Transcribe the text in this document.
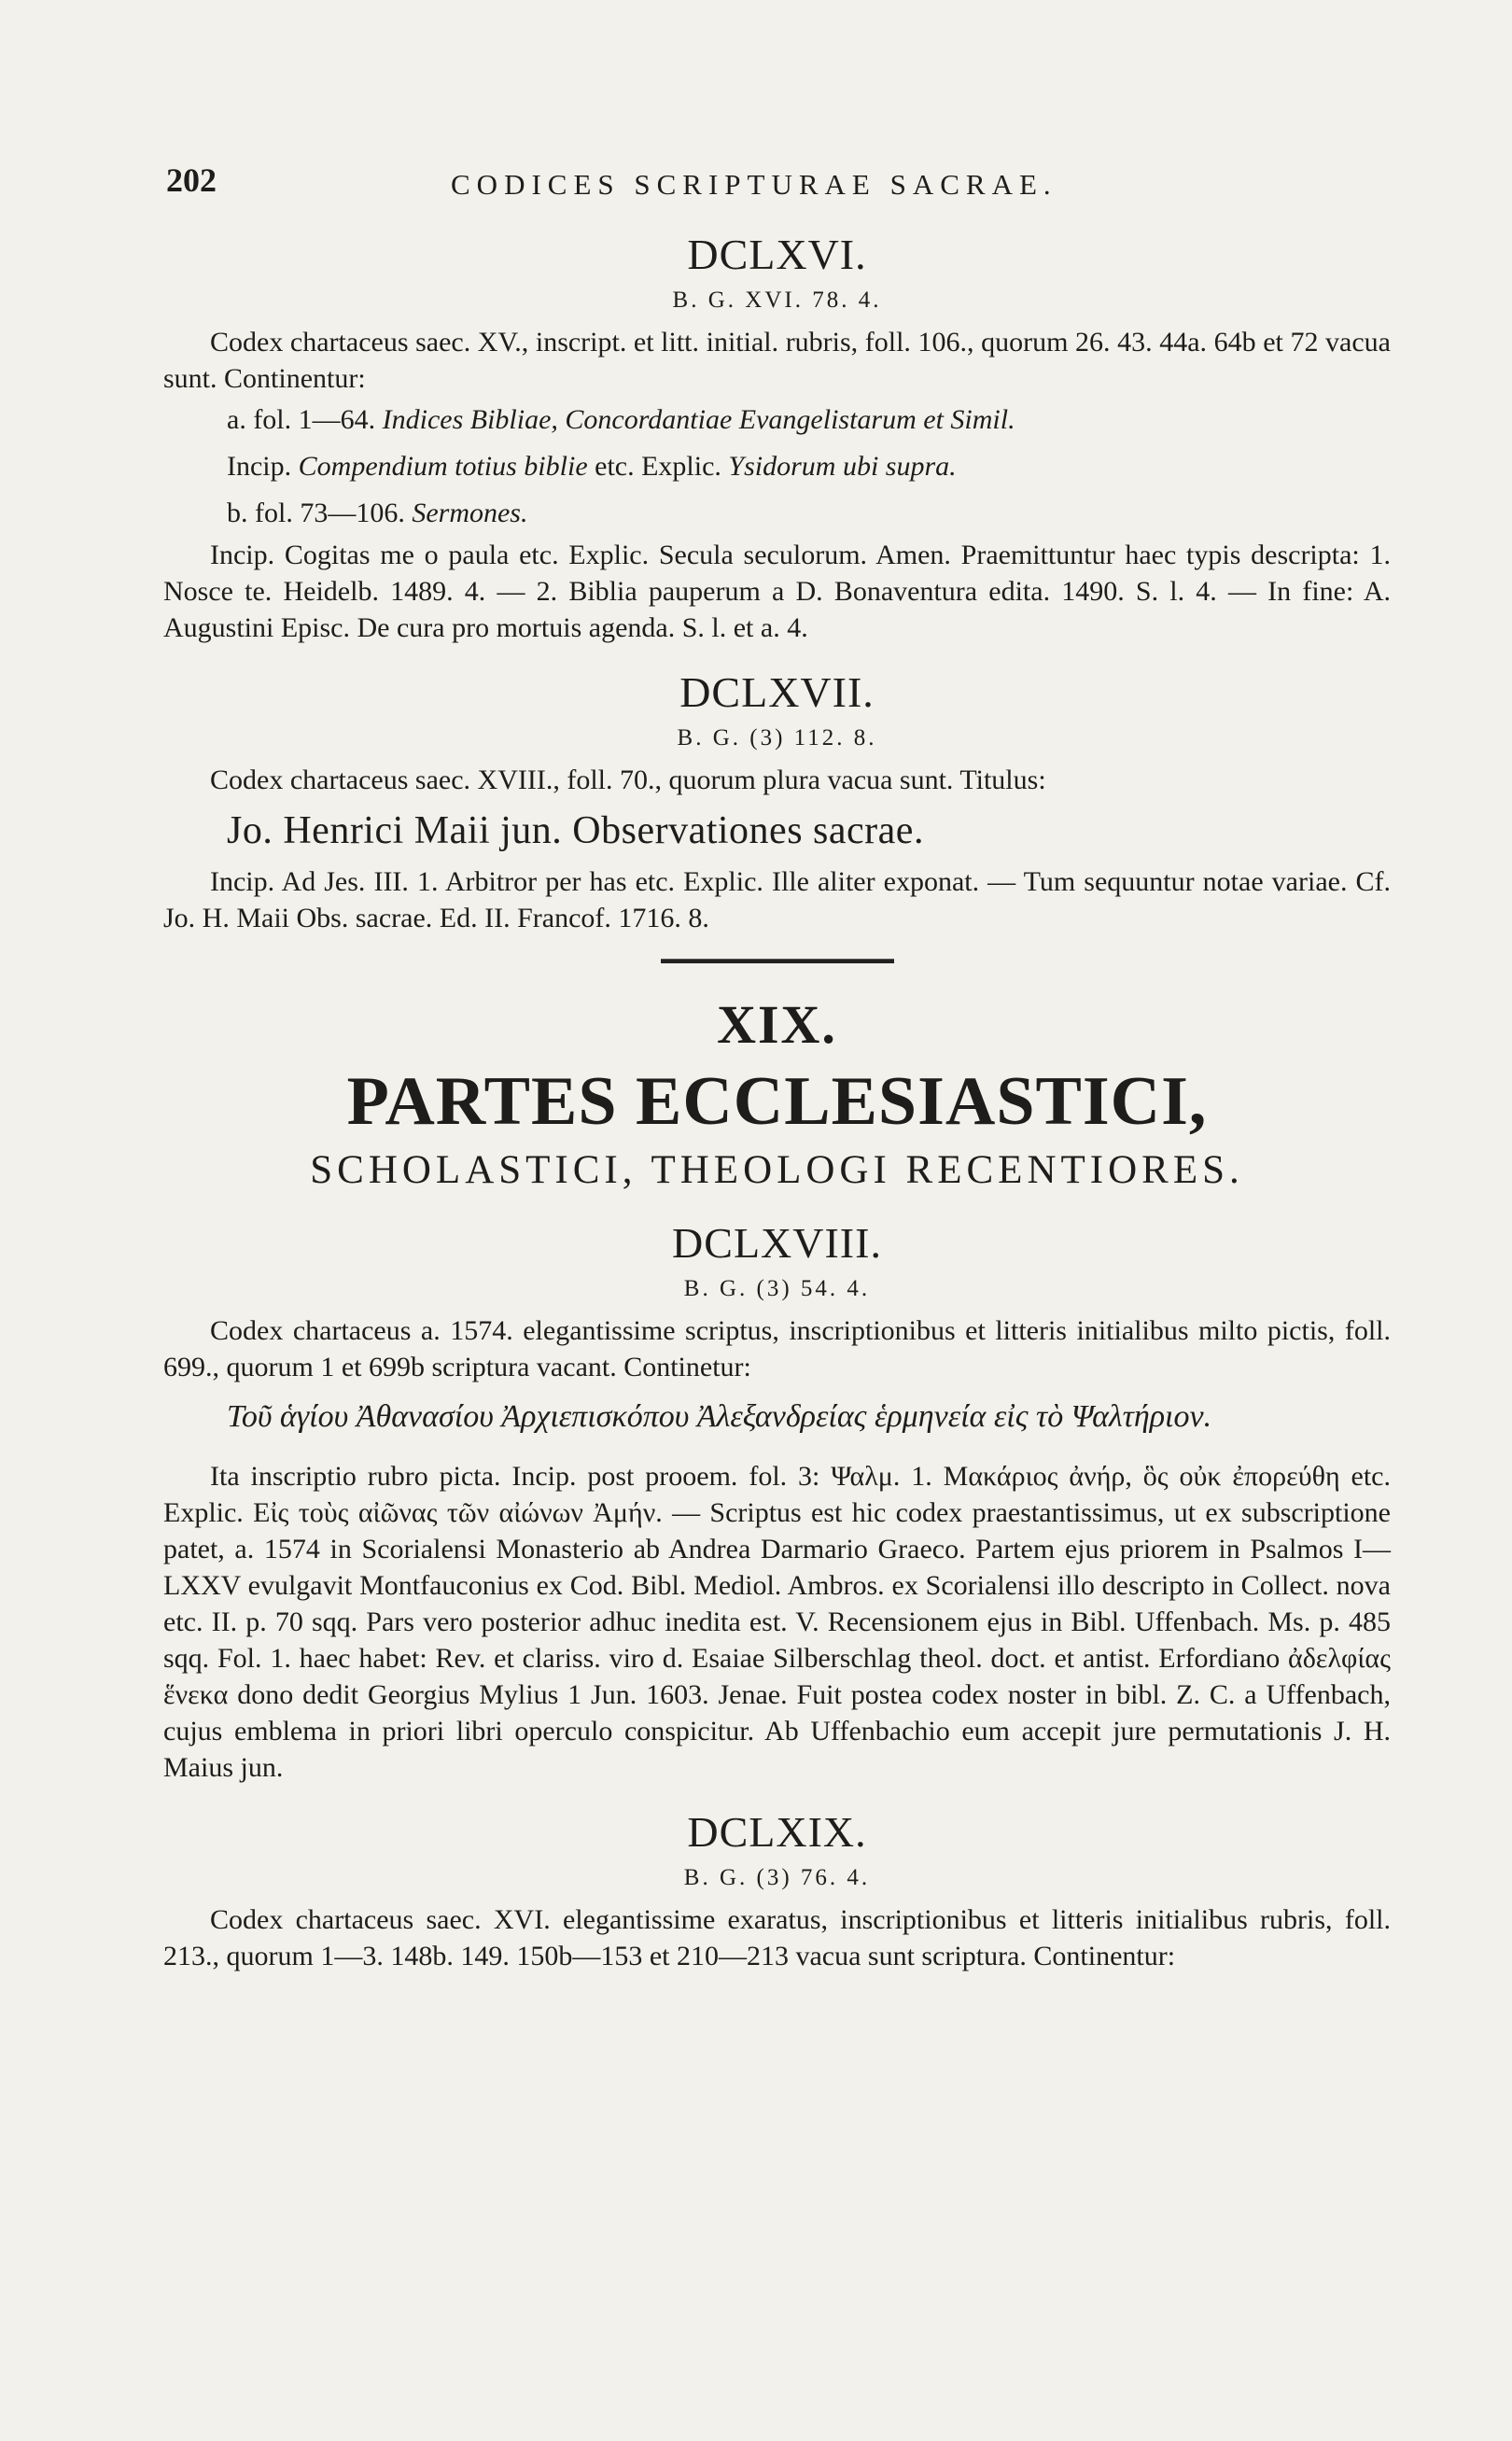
202	CODICES SCRIPTURAE SACRAE.
DCLXVI.
B. G. XVI. 78. 4.

Codex chartaceus saec. XV., inscript. et litt. initial. rubris, foll. 106., quorum 26. 43. 44a. 64b et 72 vacua sunt. Continentur:

a. fol. 1—64. Indices Bibliae, Concordantiae Evangelistarum et Simil.
Incip. Compendium totius biblie etc. Explic. Ysidorum ubi supra.
b. fol. 73—106. Sermones.

Incip. Cogitas me o paula etc. Explic. Secula seculorum. Amen. Praemittuntur haec typis descripta: 1. Nosce te. Heidelb. 1489. 4. — 2. Biblia pauperum a D. Bonaventura edita. 1490. S. l. 4. — In fine: A. Augustini Episc. De cura pro mortuis agenda. S. l. et a. 4.

DCLXVII.
B. G. (3) 112. 8.

Codex chartaceus saec. XVIII., foll. 70., quorum plura vacua sunt. Titulus:

Jo. Henrici Maii jun. Observationes sacrae.

Incip. Ad Jes. III. 1. Arbitror per has etc. Explic. Ille aliter exponat. — Tum sequuntur notae variae. Cf. Jo. H. Maii Obs. sacrae. Ed. II. Francof. 1716. 8.

XIX.
PARTES ECCLESIASTICI,
SCHOLASTICI, THEOLOGI RECENTIORES.
DCLXVIII.
B. G. (3) 54. 4.

Codex chartaceus a. 1574. elegantissime scriptus, inscriptionibus et litteris initialibus milto pictis, foll. 699., quorum 1 et 699b scriptura vacant. Continetur:

Τοῦ ἁγίου Ἀθανασίου Ἀρχιεπισκόπου Ἀλεξανδρείας ἑρμηνεία εἰς τὸ Ψαλτήριον.

Ita inscriptio rubro picta. Incip. post prooem. fol. 3: Ψαλμ. 1. Μακάριος ἀνήρ, ὃς οὐκ ἐπορεύθη etc. Explic. Εἰς τοὺς αἰῶνας τῶν αἰώνων Ἀμήν. — Scriptus est hic codex praestantissimus, ut ex subscriptione patet, a. 1574 in Scorialensi Monasterio ab Andrea Darmario Graeco. Partem ejus priorem in Psalmos I—LXXV evulgavit Montfauconius ex Cod. Bibl. Mediol. Ambros. ex Scorialensi illo descripto in Collect. nova etc. II. p. 70 sqq. Pars vero posterior adhuc inedita est. V. Recensionem ejus in Bibl. Uffenbach. Ms. p. 485 sqq. Fol. 1. haec habet: Rev. et clariss. viro d. Esaiae Silberschlag theol. doct. et antist. Erfordiano ἀδελφίας ἕνεκα dono dedit Georgius Mylius 1 Jun. 1603. Jenae. Fuit postea codex noster in bibl. Z. C. a Uffenbach, cujus emblema in priori libri operculo conspicitur. Ab Uffenbachio eum accepit jure permutationis J. H. Maius jun.

DCLXIX.
B. G. (3) 76. 4.

Codex chartaceus saec. XVI. elegantissime exaratus, inscriptionibus et litteris initialibus rubris, foll. 213., quorum 1—3. 148b. 149. 150b—153 et 210—213 vacua sunt scriptura. Continentur:
